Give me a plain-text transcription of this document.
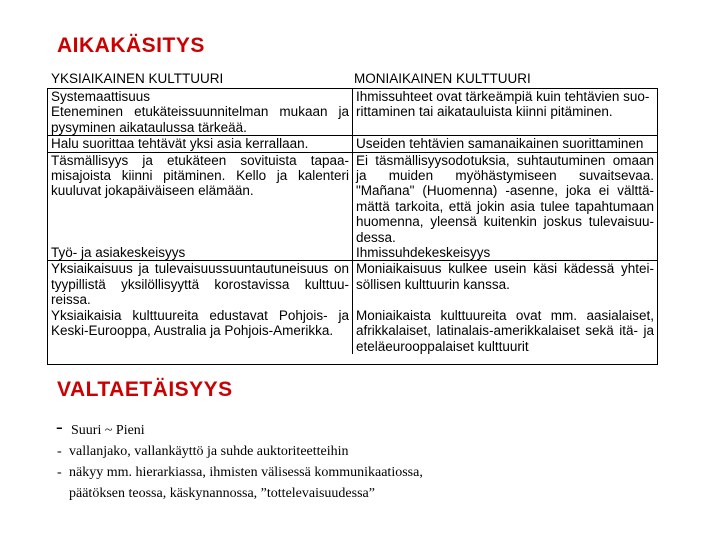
AIKAKÄSITYS
YKSIAIKAINEN KULTTUURI	MONIAIKAINEN KULTTUURI
Systemaattisuus	Ihmissuhteet ovat tärkeämpiä kuin tehtävien suo-
Eteneminen etukäteissuunnitelman mukaan ja pysyminen aikataulussa tärkeää.	rittaminen tai aikatauluista kiinni pitäminen.
Halu suorittaa tehtävät yksi asia kerrallaan.	Useiden tehtävien samanaikainen suorittaminen
Täsmällisyys ja etukäteen sovituista tapaa-misajoista kiinni pitäminen. Kello ja kalenteri kuuluvat jokapäiväiseen elämään.	Ei täsmällisyysodotuksia, suhtautuminen omaan ja muiden myöhästymiseen suvaitsevaa. "Mañana" (Huomenna) -asenne, joka ei välttä-mättä tarkoita, että jokin asia tulee tapahtumaan huomenna, yleensä kuitenkin joskus tulevaisuu-dessa.
Työ- ja asiakeskeisyys	Ihmissuhdekeskeisyys
Yksiaikaisuus ja tulevaisuussuuntautuneisuus on tyypillistä yksilöllisyyttä korostavissa kulttuu-reissa.	Moniaikaisuus kulkee usein käsi kädessä yhtei-söllisen kulttuurin kanssa.
Yksiaikaisia kulttuureita edustavat Pohjois- ja Keski-Eurooppa, Australia ja Pohjois-Amerikka.	Moniaikaista kulttuureita ovat mm. aasialaiset, afrikkalaiset, latinalais-amerikkalaiset sekä itä- ja eteläeurooppalaiset kulttuurit
VALTAETÄISYYS
- Suuri ~ Pieni
- vallanjako, vallankäyttö ja suhde auktoriteetteihin
- näkyy mm. hierarkiassa, ihmisten välisessä kommunikaatiossa,
päätöksen teossa, käskynannossa, ”tottelevaisuudessa”
